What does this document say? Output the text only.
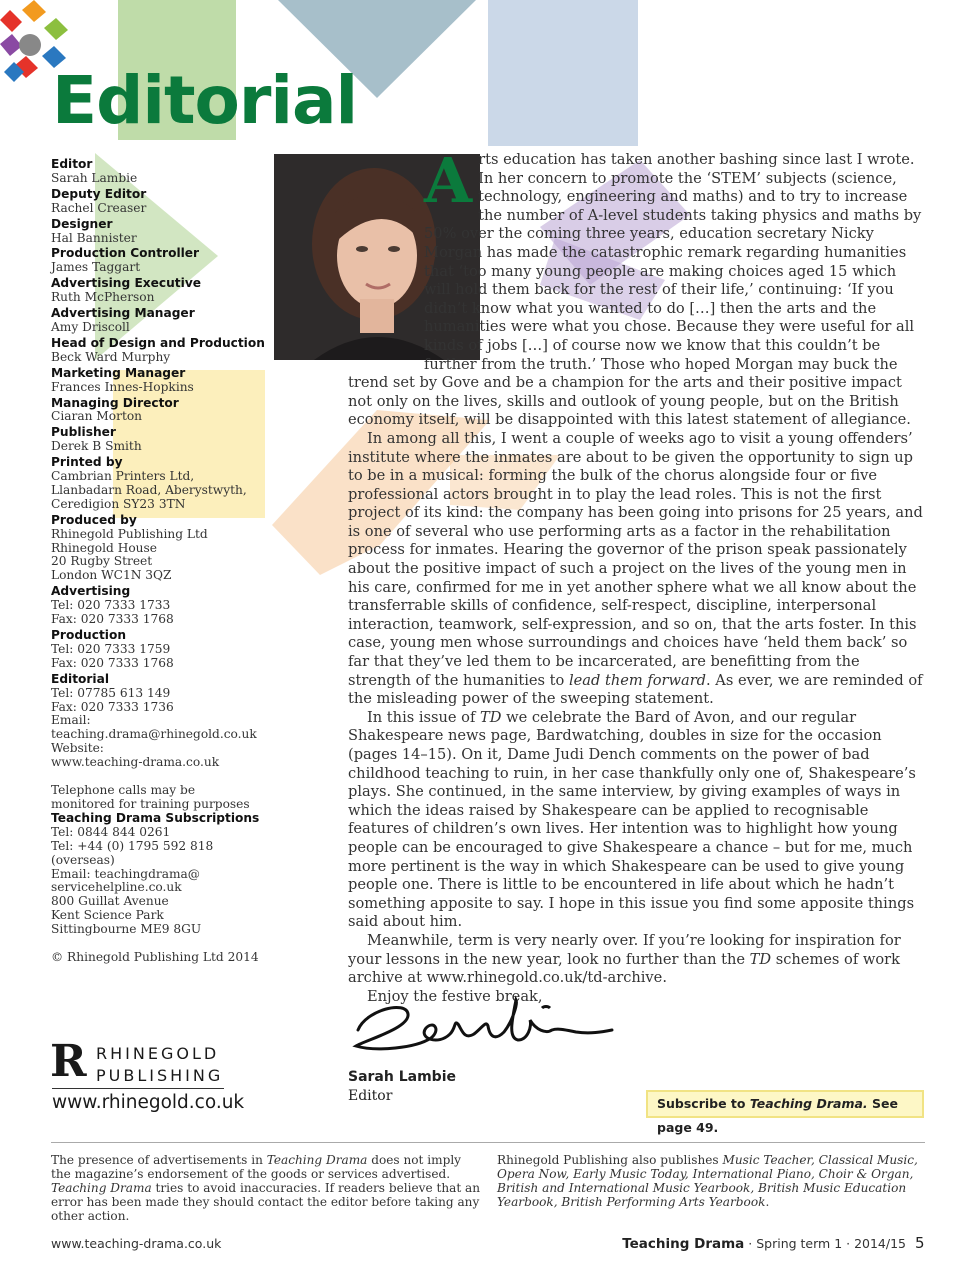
Editorial
Editor
Sarah Lambie
Deputy Editor
Rachel Creaser
Designer
Hal Bannister
Production Controller
James Taggart
Advertising Executive
Ruth McPherson
Advertising Manager
Amy Driscoll
Head of Design and Production
Beck Ward Murphy
Marketing Manager
Frances Innes-Hopkins
Managing Director
Ciaran Morton
Publisher
Derek B Smith
Printed by
Cambrian Printers Ltd,
Llanbadarn Road, Aberystwyth,
Ceredigion SY23 3TN
Produced by
Rhinegold Publishing Ltd
Rhinegold House
20 Rugby Street
London WC1N 3QZ
Advertising
Tel: 020 7333 1733
Fax: 020 7333 1768
Production
Tel: 020 7333 1759
Fax: 020 7333 1768
Editorial
Tel: 07785 613 149
Fax: 020 7333 1736
Email:
teaching.drama@rhinegold.co.uk
Website:
www.teaching-drama.co.uk
Telephone calls may be
monitored for training purposes
Teaching Drama Subscriptions
Tel: 0844 844 0261
Tel: +44 (0) 1795 592 818
(overseas)
Email: teachingdrama@
servicehelpline.co.uk
800 Guillat Avenue
Kent Science Park
Sittingbourne ME9 8GU
© Rhinegold Publishing Ltd 2014
A rts education has taken another bashing since last I wrote. In her concern to promote the ‘STEM’ subjects (science, technology, engineering and maths) and to try to increase the number of A-level students taking physics and maths by 50% over the coming three years, education secretary Nicky Morgan has made the catastrophic remark regarding humanities that ‘too many young people are making choices aged 15 which will hold them back for the rest of their life,’ continuing: ‘If you didn’t know what you wanted to do […] then the arts and the humanities were what you chose. Because they were useful for all kinds of jobs […] of course now we know that this couldn’t be further from the truth.’ Those who hoped Morgan may buck the trend set by Gove and be a champion for the arts and their positive impact not only on the lives, skills and outlook of young people, but on the British economy itself, will be disappointed with this latest statement of allegiance.

In among all this, I went a couple of weeks ago to visit a young offenders’ institute where the inmates are about to be given the opportunity to sign up to be in a musical: forming the bulk of the chorus alongside four or five professional actors brought in to play the lead roles. This is not the first project of its kind: the company has been going into prisons for 25 years, and is one of several who use performing arts as a factor in the rehabilitation process for inmates. Hearing the governor of the prison speak passionately about the positive impact of such a project on the lives of the young men in his care, confirmed for me in yet another sphere what we all know about the transferrable skills of confidence, self-respect, discipline, interpersonal interaction, teamwork, self-expression, and so on, that the arts foster. In this case, young men whose surroundings and choices have ‘held them back’ so far that they’ve led them to be incarcerated, are benefitting from the strength of the humanities to lead them forward. As ever, we are reminded of the misleading power of the sweeping statement.

In this issue of TD we celebrate the Bard of Avon, and our regular Shakespeare news page, Bardwatching, doubles in size for the occasion (pages 14–15). On it, Dame Judi Dench comments on the power of bad childhood teaching to ruin, in her case thankfully only one of, Shakespeare’s plays. She continued, in the same interview, by giving examples of ways in which the ideas raised by Shakespeare can be applied to recognisable features of children’s own lives. Her intention was to highlight how young people can be encouraged to give Shakespeare a chance – but for me, much more pertinent is the way in which Shakespeare can be used to give young people one. There is little to be encountered in life about which he hadn’t something apposite to say. I hope in this issue you find some apposite things said about him.

Meanwhile, term is very nearly over. If you’re looking for inspiration for your lessons in the new year, look no further than the TD schemes of work archive at www.rhinegold.co.uk/td-archive.

Enjoy the festive break,

Sarah Lambie
Editor	Subscribe to Teaching Drama. See page 49.
R RHINEGOLD
PUBLISHING
www.rhinegold.co.uk
The presence of advertisements in Teaching Drama does not imply the magazine’s endorsement of the goods or services advertised. Teaching Drama tries to avoid inaccuracies. If readers believe that an error has been made they should contact the editor before taking any other action.
Rhinegold Publishing also publishes Music Teacher, Classical Music, Opera Now, Early Music Today, International Piano, Choir & Organ, British and International Music Yearbook, British Music Education Yearbook, British Performing Arts Yearbook.
www.teaching-drama.co.uk	Teaching Drama · Spring term 1 · 2014/15 5
